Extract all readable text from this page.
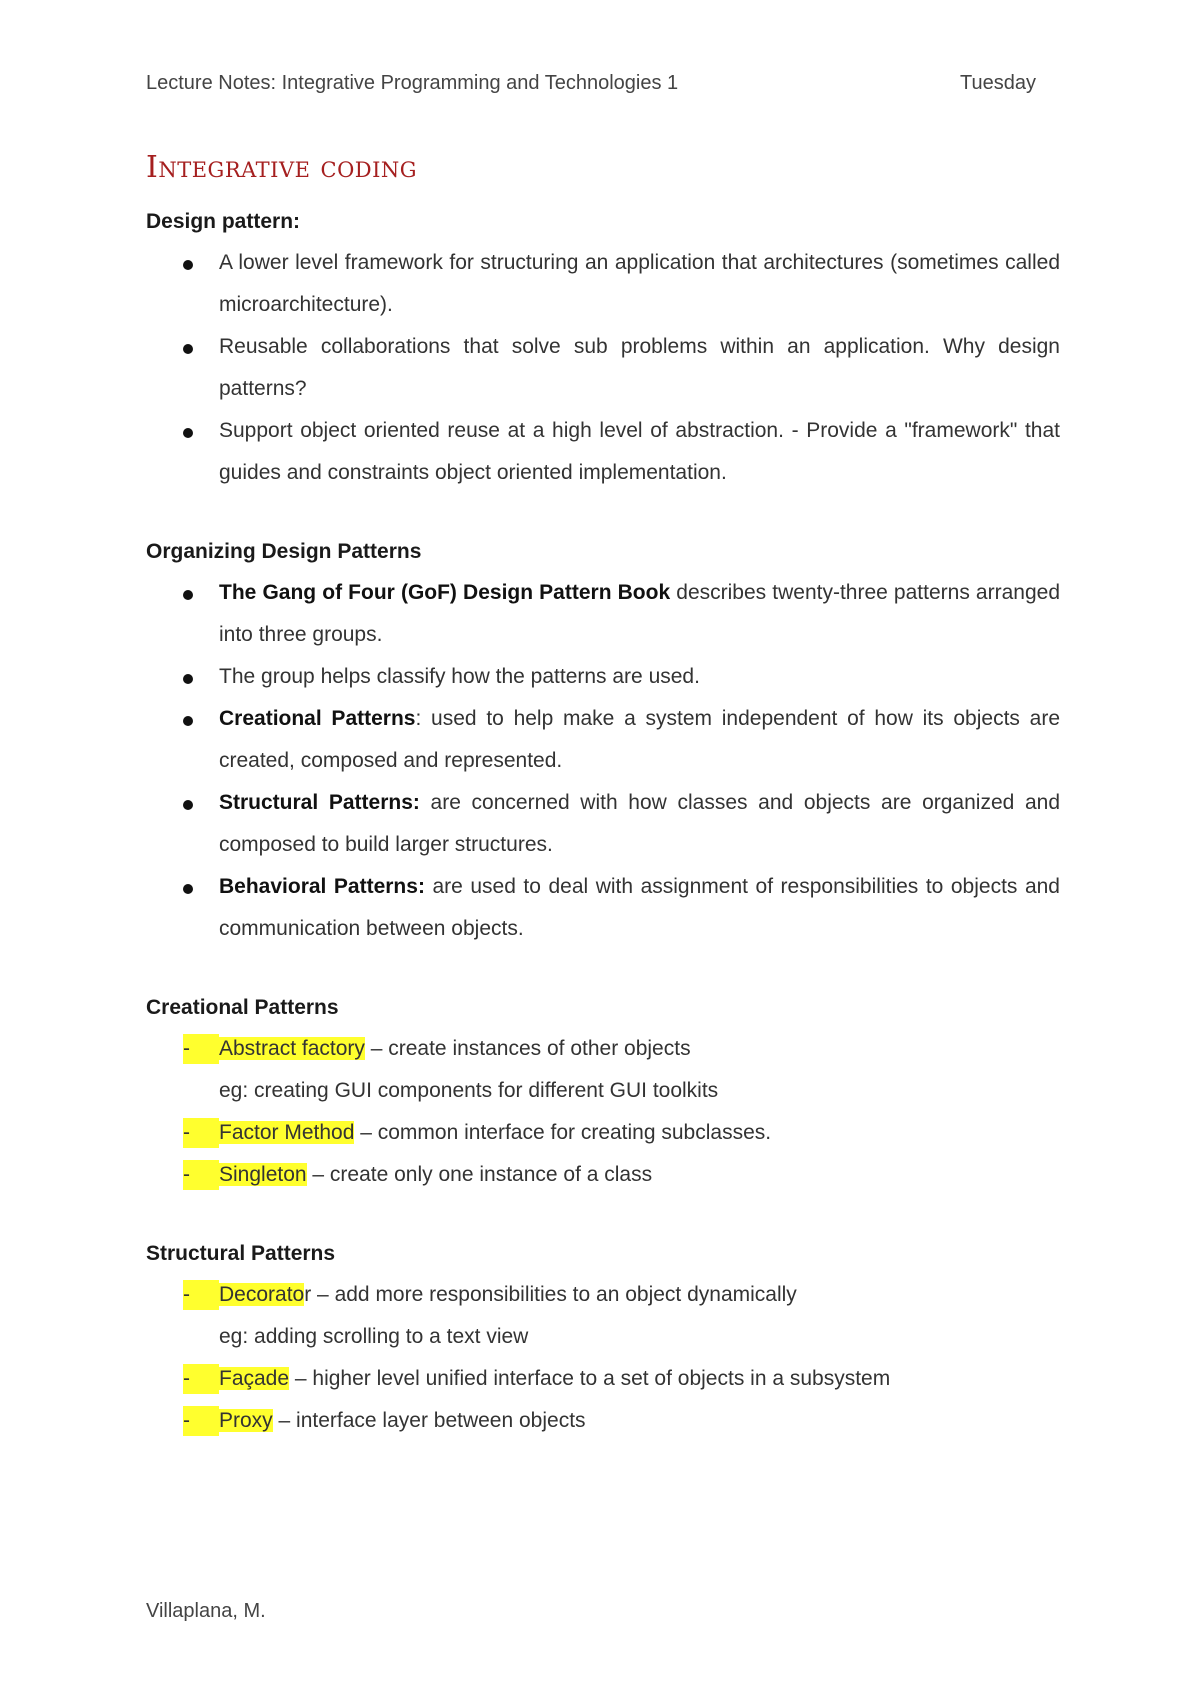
Lecture Notes: Integrative Programming and Technologies 1	Tuesday
Integrative coding

Design pattern:

A lower level framework for structuring an application that architectures (sometimes called microarchitecture).
Reusable collaborations that solve sub problems within an application. Why design patterns?
Support object oriented reuse at a high level of abstraction. - Provide a "framework" that guides and constraints object oriented implementation.

Organizing Design Patterns

The Gang of Four (GoF) Design Pattern Book describes twenty-three patterns arranged into three groups.
The group helps classify how the patterns are used.
Creational Patterns: used to help make a system independent of how its objects are created, composed and represented.
Structural Patterns: are concerned with how classes and objects are organized and composed to build larger structures.
Behavioral Patterns: are used to deal with assignment of responsibilities to objects and communication between objects.

Creational Patterns

- Abstract factory – create instances of other objects
eg: creating GUI components for different GUI toolkits
- Factor Method – common interface for creating subclasses.
- Singleton – create only one instance of a class

Structural Patterns

- Decorator – add more responsibilities to an object dynamically
eg: adding scrolling to a text view
- Façade – higher level unified interface to a set of objects in a subsystem
- Proxy – interface layer between objects
Villaplana, M.
